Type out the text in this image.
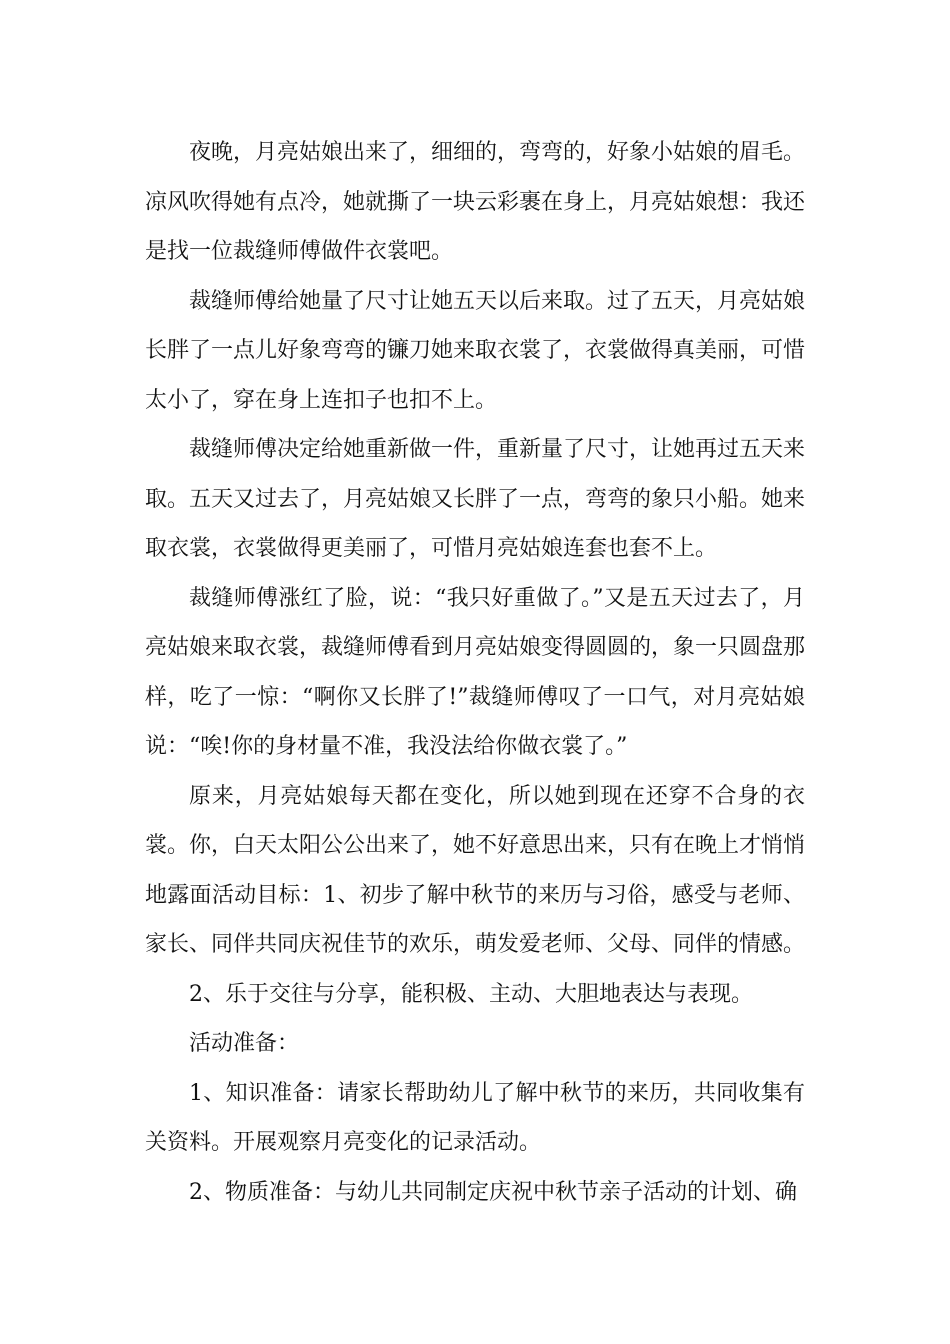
夜晚，月亮姑娘出来了，细细的，弯弯的，好象小姑娘的眉毛。凉风吹得她有点冷，她就撕了一块云彩裹在身上，月亮姑娘想：我还是找一位裁缝师傅做件衣裳吧。

裁缝师傅给她量了尺寸让她五天以后来取。过了五天，月亮姑娘长胖了一点儿好象弯弯的镰刀她来取衣裳了，衣裳做得真美丽，可惜太小了，穿在身上连扣子也扣不上。

裁缝师傅决定给她重新做一件，重新量了尺寸，让她再过五天来取。五天又过去了，月亮姑娘又长胖了一点，弯弯的象只小船。她来取衣裳，衣裳做得更美丽了，可惜月亮姑娘连套也套不上。

裁缝师傅涨红了脸，说：“我只好重做了。”又是五天过去了，月亮姑娘来取衣裳，裁缝师傅看到月亮姑娘变得圆圆的，象一只圆盘那样，吃了一惊：“啊你又长胖了!”裁缝师傅叹了一口气，对月亮姑娘说：“唉!你的身材量不准，我没法给你做衣裳了。”

原来，月亮姑娘每天都在变化，所以她到现在还穿不合身的衣裳。你，白天太阳公公出来了，她不好意思出来，只有在晚上才悄悄地露面活动目标：1、初步了解中秋节的来历与习俗，感受与老师、家长、同伴共同庆祝佳节的欢乐，萌发爱老师、父母、同伴的情感。

2、乐于交往与分享，能积极、主动、大胆地表达与表现。

活动准备：

1、知识准备：请家长帮助幼儿了解中秋节的来历，共同收集有关资料。开展观察月亮变化的记录活动。

2、物质准备：与幼儿共同制定庆祝中秋节亲子活动的计划、确
